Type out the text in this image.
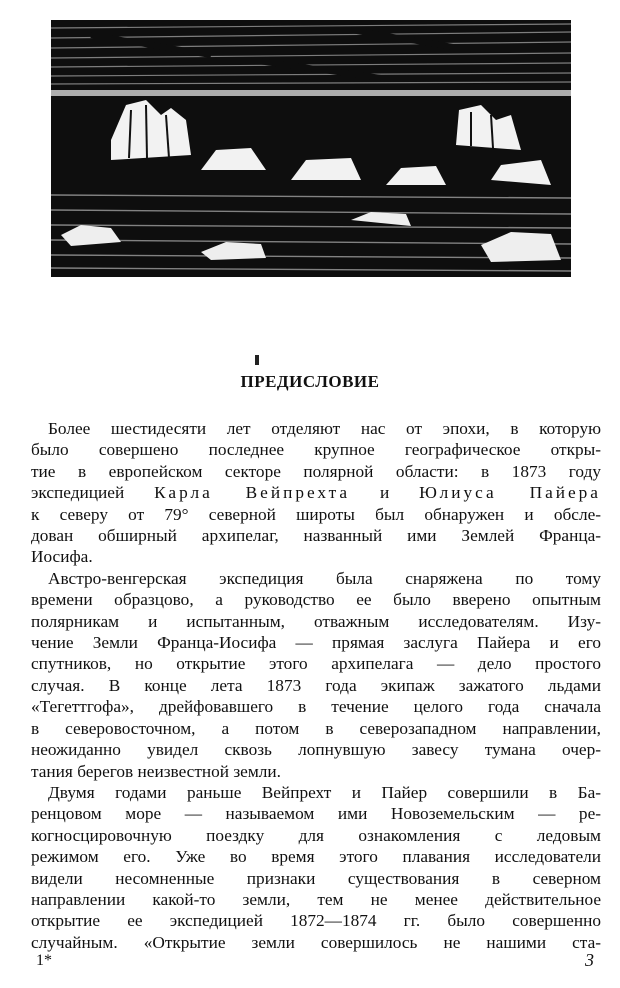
ПРЕДИСЛОВИЕ
Более шестидесяти лет отделяют нас от эпохи, в которую
было совершено последнее крупное географическое откры-
тие в европейском секторе полярной области: в 1873 году
экспедицией Карла Вейпрехта и Юлиуса Пайера
к северу от 79° северной широты был обнаружен и обсле-
дован обширный архипелаг, названный ими Землей Франца-
Иосифа.
Австро-венгерская экспедиция была снаряжена по тому
времени образцово, а руководство ее было вверено опытным
полярникам и испытанным, отважным исследователям. Изу-
чение Земли Франца-Иосифа — прямая заслуга Пайера и его
спутников, но открытие этого архипелага — дело простого
случая. В конце лета 1873 года экипаж зажатого льдами
«Тегеттгофа», дрейфовавшего в течение целого года сначала
в северовосточном, а потом в северозападном направлении,
неожиданно увидел сквозь лопнувшую завесу тумана очер-
тания берегов неизвестной земли.
Двумя годами раньше Вейпрехт и Пайер совершили в Ба-
ренцовом море — называемом ими Новоземельским — ре-
когносцировочную поездку для ознакомления с ледовым
режимом его. Уже во время этого плавания исследователи
видели несомненные признаки существования в северном
направлении какой-то земли, тем не менее действительное
открытие ее экспедицией 1872—1874 гг. было совершенно
случайным. «Открытие земли совершилось не нашими ста-
1*	3
